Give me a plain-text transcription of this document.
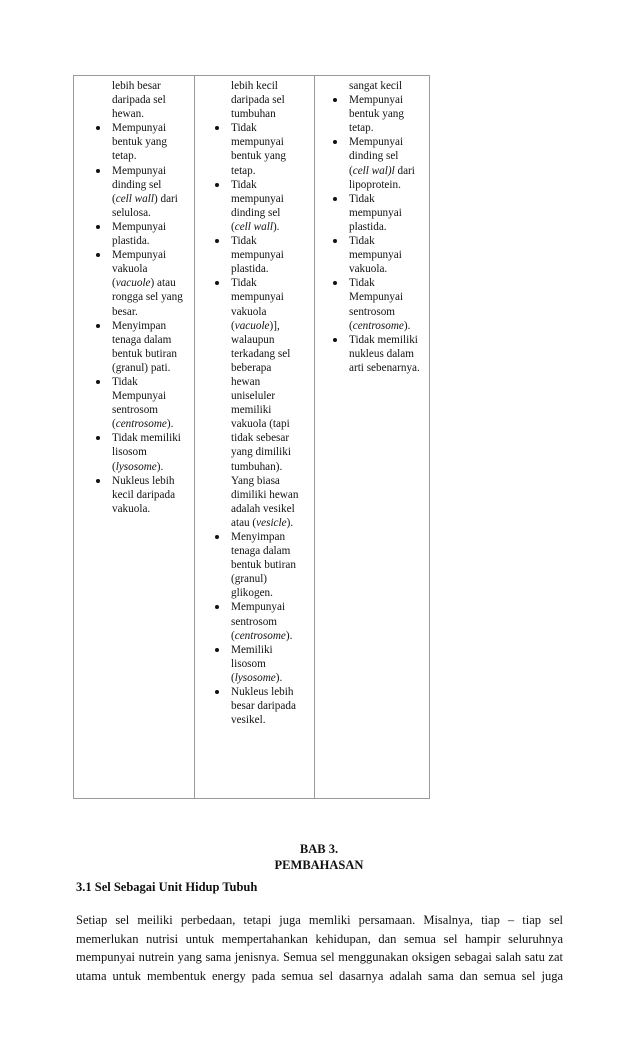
lebih besar
daripada sel
hewan.
Mempunyai
bentuk yang
tetap.
Mempunyai
dinding sel
(cell wall) dari
selulosa.
Mempunyai
plastida.
Mempunyai
vakuola
(vacuole) atau
rongga sel yang
besar.
Menyimpan
tenaga dalam
bentuk butiran
(granul) pati.
Tidak
Mempunyai
sentrosom
(centrosome).
Tidak memiliki
lisosom
(lysosome).
Nukleus lebih
kecil daripada
vakuola.
lebih kecil
daripada sel
tumbuhan
Tidak
mempunyai
bentuk yang
tetap.
Tidak
mempunyai
dinding sel
(cell wall).
Tidak
mempunyai
plastida.
Tidak
mempunyai
vakuola
(vacuole)],
walaupun
terkadang sel
beberapa
hewan
uniseluler
memiliki
vakuola (tapi
tidak sebesar
yang dimiliki
tumbuhan).
Yang biasa
dimiliki hewan
adalah vesikel
atau (vesicle).
Menyimpan
tenaga dalam
bentuk butiran
(granul)
glikogen.
Mempunyai
sentrosom
(centrosome).
Memiliki
lisosom
(lysosome).
Nukleus lebih
besar daripada
vesikel.
sangat kecil
Mempunyai
bentuk yang
tetap.
Mempunyai
dinding sel
(cell wal)l dari
lipoprotein.
Tidak
mempunyai
plastida.
Tidak
mempunyai
vakuola.
Tidak
Mempunyai
sentrosom
(centrosome).
Tidak memiliki
nukleus dalam
arti sebenarnya.
BAB 3.
PEMBAHASAN
3.1 Sel Sebagai Unit Hidup Tubuh
Setiap sel meiliki perbedaan, tetapi juga memliki persamaan. Misalnya, tiap – tiap sel
memerlukan nutrisi untuk mempertahankan kehidupan, dan semua sel hampir seluruhnya
mempunyai nutrein yang sama jenisnya. Semua sel menggunakan oksigen sebagai salah satu zat
utama untuk membentuk energy pada semua sel dasarnya adalah sama dan semua sel juga
